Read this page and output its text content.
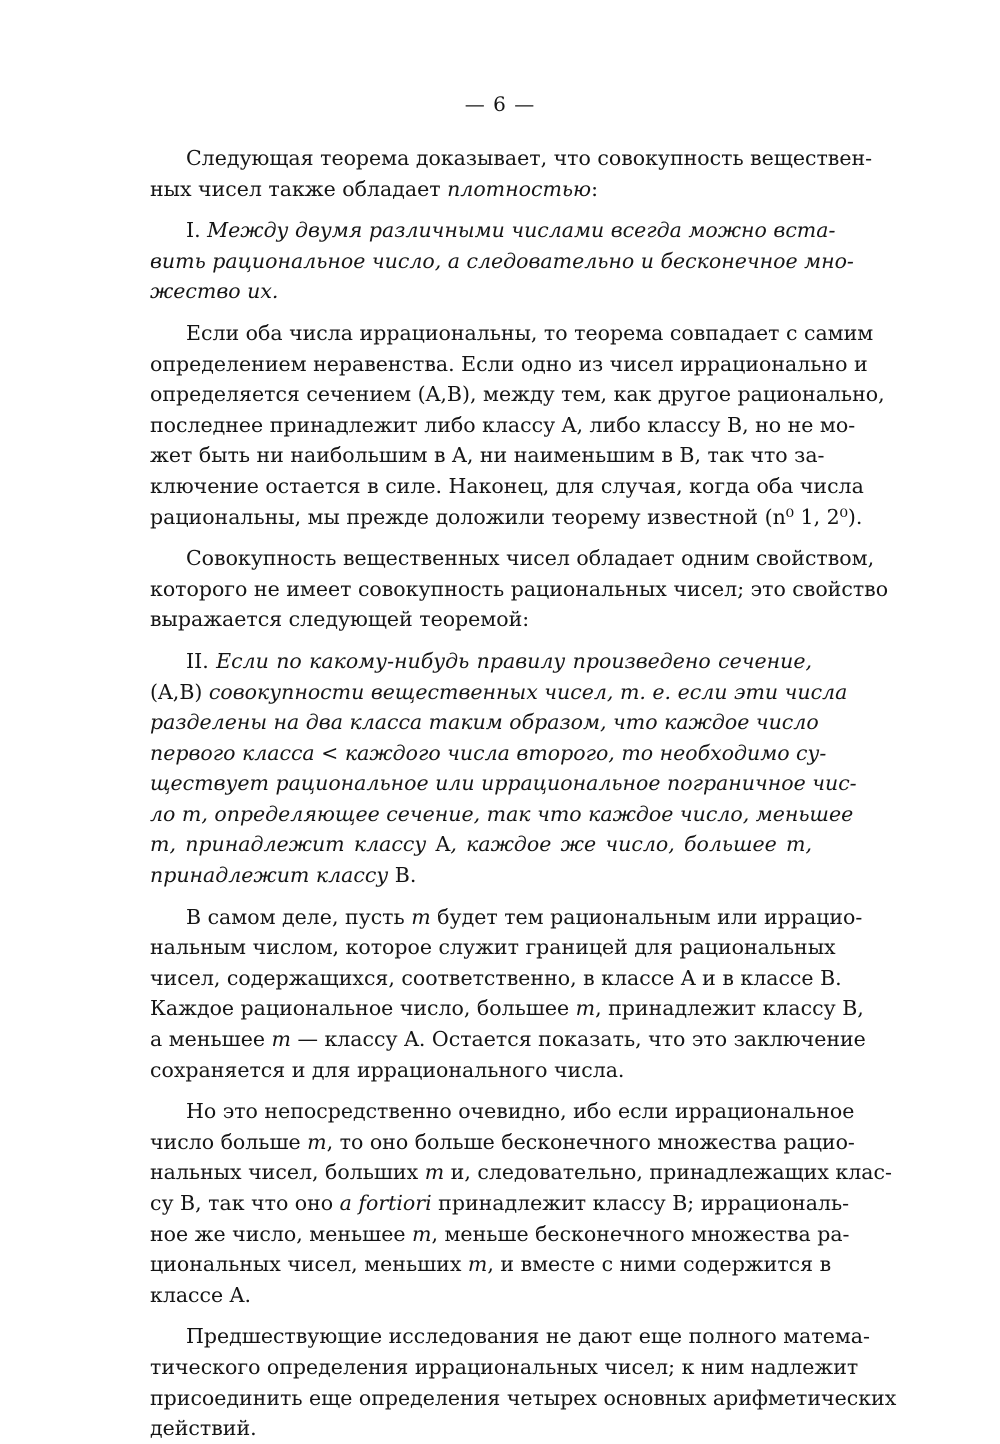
— 6 —
Следующая теорема доказывает, что совокупность веществен-
ных чисел также обладает плотностью:
I. Между двумя различными числами всегда можно вста-
вить рациональное число, а следовательно и бесконечное мно-
жество их.
Если оба числа иррациональны, то теорема совпадает с самим
определением неравенства. Если одно из чисел иррационально и
определяется сечением (A,B), между тем, как другое рационально,
последнее принадлежит либо классу A, либо классу B, но не мо-
жет быть ни наибольшим в A, ни наименьшим в B, так что за-
ключение остается в силе. Наконец, для случая, когда оба числа
рациональны, мы прежде доложили теорему известной (n⁰ 1, 2⁰).
Совокупность вещественных чисел обладает одним свойством,
которого не имеет совокупность рациональных чисел; это свойство
выражается следующей теоремой:
II. Если по какому-нибудь правилу произведено сечение,
(A,B) совокупности вещественных чисел, т. е. если эти числа
разделены на два класса таким образом, что каждое число
первого класса < каждого числа второго, то необходимо су-
ществует рациональное или иррациональное пограничное чис-
ло m, определяющее сечение, так что каждое число, меньшее
m, принадлежит классу A, каждое же число, большее m,
принадлежит классу B.
В самом деле, пусть m будет тем рациональным или иррацио-
нальным числом, которое служит границей для рациональных
чисел, содержащихся, соответственно, в классе A и в классе B.
Каждое рациональное число, большее m, принадлежит классу B,
а меньшее m — классу A. Остается показать, что это заключение
сохраняется и для иррационального числа.
Но это непосредственно очевидно, ибо если иррациональное
число больше m, то оно больше бесконечного множества рацио-
нальных чисел, больших m и, следовательно, принадлежащих клас-
су B, так что оно a fortiori принадлежит классу B; иррациональ-
ное же число, меньшее m, меньше бесконечного множества ра-
циональных чисел, меньших m, и вместе с ними содержится в
классе A.
Предшествующие исследования не дают еще полного матема-
тического определения иррациональных чисел; к ним надлежит
присоединить еще определения четырех основных арифметических
действий.
